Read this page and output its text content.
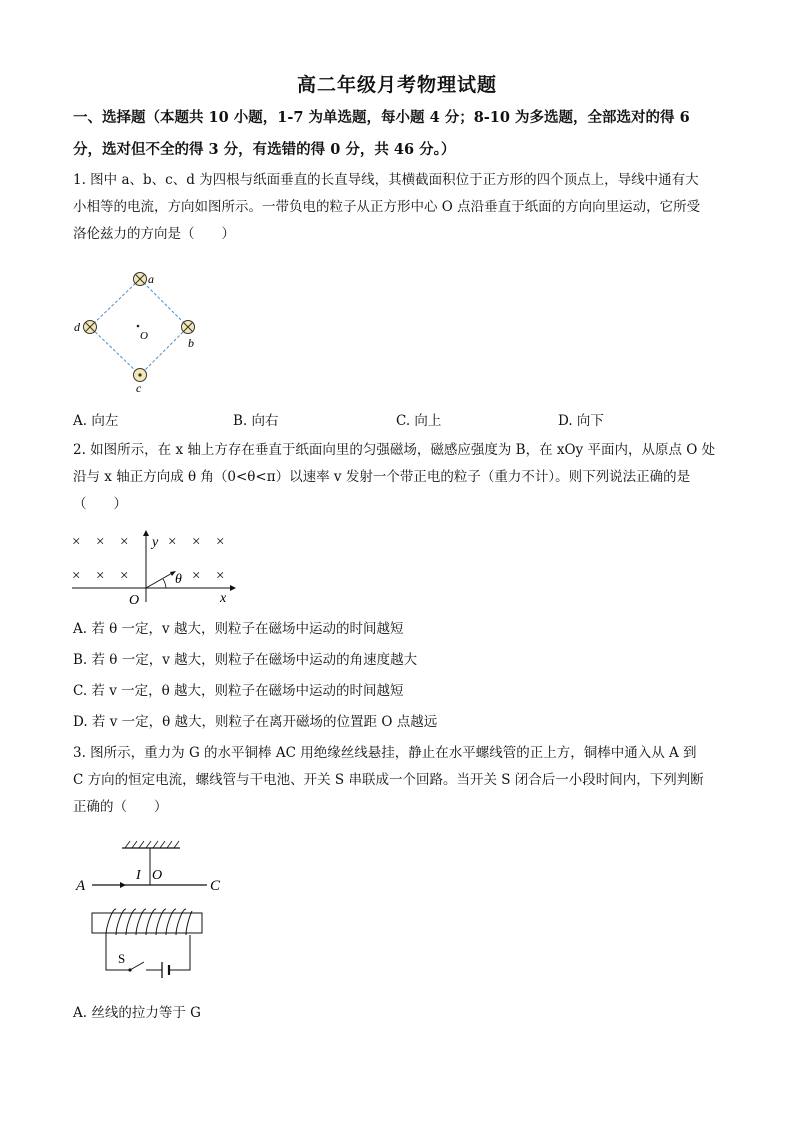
高二年级月考物理试题
一、选择题（本题共 10 小题，1-7 为单选题，每小题 4 分；8-10 为多选题，全部选对的得 6
分，选对但不全的得 3 分，有选错的得 0 分，共 46 分。）
1. 图中 a、b、c、d 为四根与纸面垂直的长直导线，其横截面积位于正方形的四个顶点上，导线中通有大
小相等的电流，方向如图所示。一带负电的粒子从正方形中心 O 点沿垂直于纸面的方向向里运动，它所受
洛伦兹力的方向是（　　）
a
b
c
d
O
A. 向左	B. 向右	C. 向上	D. 向下
2. 如图所示，在 x 轴上方存在垂直于纸面向里的匀强磁场，磁感应强度为 B，在 xOy 平面内，从原点 O 处
沿与 x 轴正方向成 θ 角（0<θ<π）以速率 v 发射一个带正电的粒子（重力不计）。则下列说法正确的是
（　　）
× × ×	× × ×
× × ×	× ×
y
x
O
θ
A. 若 θ 一定，v 越大，则粒子在磁场中运动的时间越短
B. 若 θ 一定，v 越大，则粒子在磁场中运动的角速度越大
C. 若 v 一定，θ 越大，则粒子在磁场中运动的时间越短
D. 若 v 一定，θ 越大，则粒子在离开磁场的位置距 O 点越远
3. 图所示，重力为 G 的水平铜棒 AC 用绝缘丝线悬挂，静止在水平螺线管的正上方，铜棒中通入从 A 到
C 方向的恒定电流，螺线管与干电池、开关 S 串联成一个回路。当开关 S 闭合后一小段时间内，下列判断
正确的（　　）
A	C
I O
S
A. 丝线的拉力等于 G
